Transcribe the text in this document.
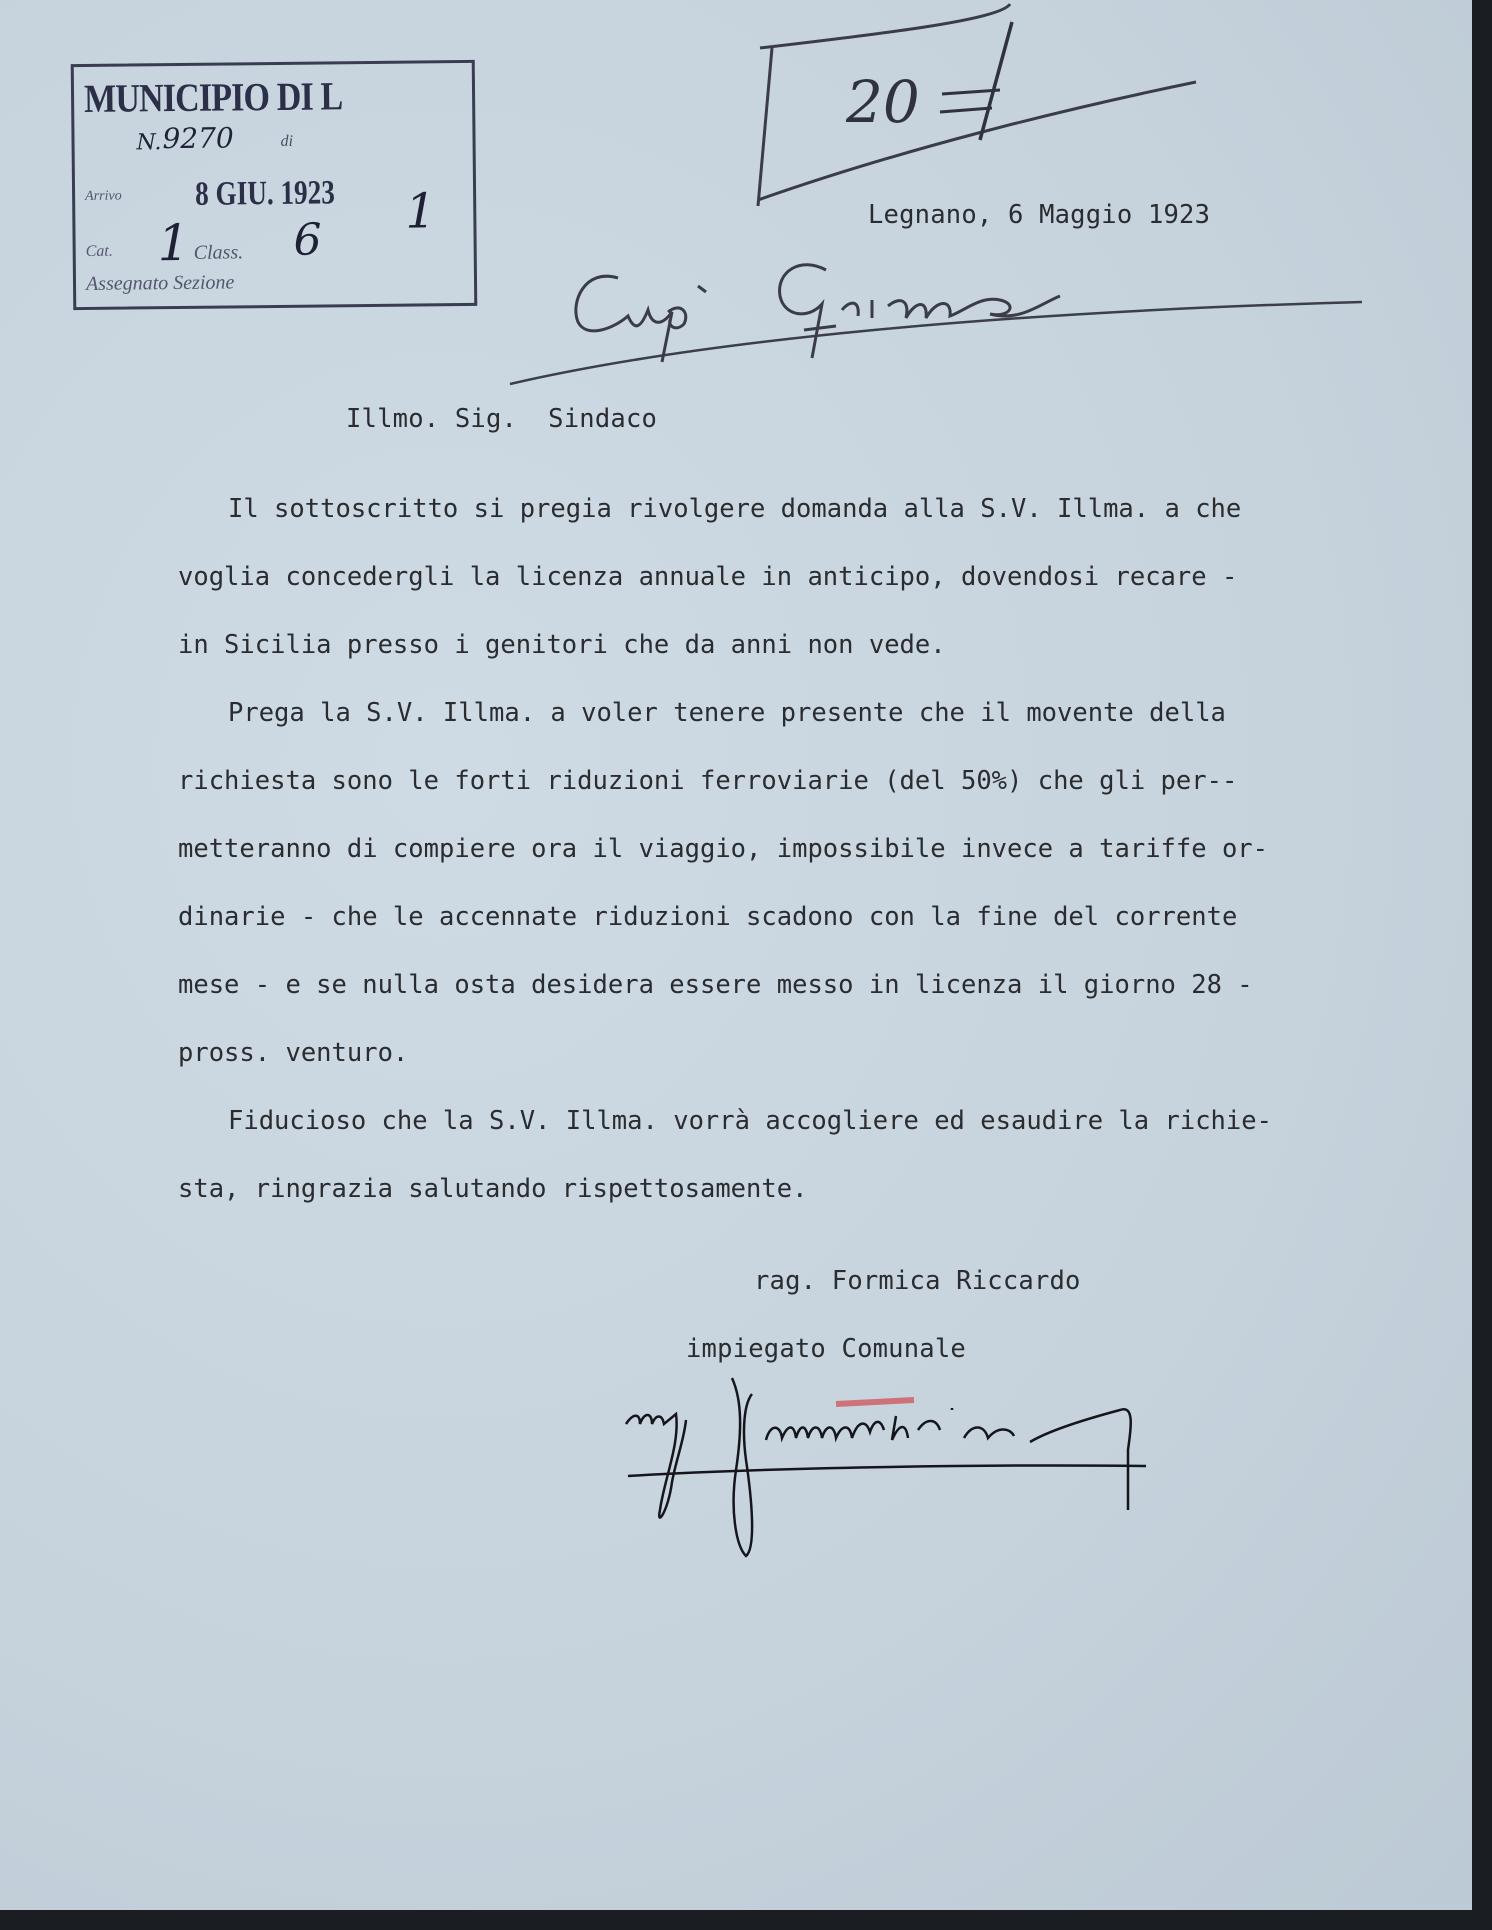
MUNICIPIO DI L
N. 9270	di
Arrivo 8 GIU. 1923
Cat. 1 Class. 6
1
Assegnato Sezione
20
Legnano, 6 Maggio 1923
Illmo. Sig.  Sindaco
Il sottoscritto si pregia rivolgere domanda alla S.V. Illma. a che
voglia concedergli la licenza annuale in anticipo, dovendosi recare -
in Sicilia presso i genitori che da anni non vede.
Prega la S.V. Illma. a voler tenere presente che il movente della
richiesta sono le forti riduzioni ferroviarie (del 50%) che gli per--
metteranno di compiere ora il viaggio, impossibile invece a tariffe or-
dinarie - che le accennate riduzioni scadono con la fine del corrente
mese - e se nulla osta desidera essere messo in licenza il giorno 28 -
pross. venturo.
Fiducioso che la S.V. Illma. vorrà accogliere ed esaudire la richie-
sta, ringrazia salutando rispettosamente.
rag. Formica Riccardo
impiegato Comunale
